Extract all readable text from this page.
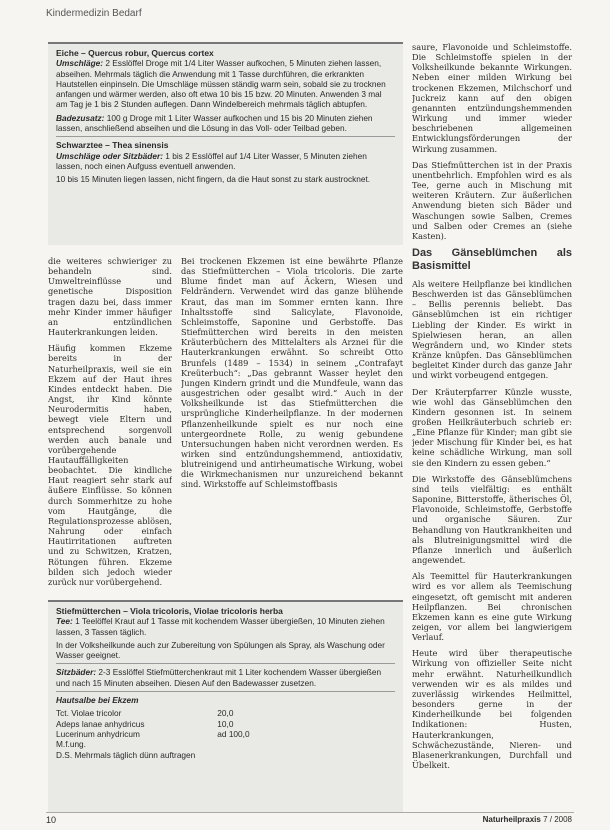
Kindermedizin Bedarf
Eiche – Quercus robur, Quercus cortex

Umschläge: 2 Esslöffel Droge mit 1/4 Liter Wasser aufkochen, 5 Minuten ziehen lassen, abseihen. Mehrmals täglich die Anwendung mit 1 Tasse durchführen, die erkrankten Hautstellen einpinseln. Die Umschläge müssen ständig warm sein, sobald sie zu trocknen anfangen und wärmer werden, also oft etwa 10 bis 15 bzw. 20 Minuten. Anwenden 3 mal am Tag je 1 bis 2 Stunden auflegen. Dann Windelbereich mehrmals täglich abtupfen.

Badezusatz: 100 g Droge mit 1 Liter Wasser aufkochen und 15 bis 20 Minuten ziehen lassen, anschließend abseihen und die Lösung in das Voll- oder Teilbad geben.

Schwarztee – Thea sinensis

Umschläge oder Sitzbäder: 1 bis 2 Esslöffel auf 1/4 Liter Wasser, 5 Minuten ziehen lassen, noch einen Aufguss eventuell anwenden.

10 bis 15 Minuten liegen lassen, nicht fingern, da die Haut sonst zu stark austrocknet.

die weiteres schwieriger zu behandeln sind. Umweltreinflüsse und genetische Disposition tragen dazu bei, dass immer mehr Kinder immer häufiger an entzündlichen Hauterkrankungen leiden.

Häufig kommen Ekzeme bereits in der Naturheilpraxis, weil sie ein Ekzem auf der Haut ihres Kindes entdeckt haben. Die Angst, ihr Kind könnte Neurodermitis haben, bewegt viele Eltern und entsprechend sorgenvoll werden auch banale und vorübergehende Hautauffälligkeiten beobachtet. Die kindliche Haut reagiert sehr stark auf äußere Einflüsse. So können durch Sommerhitze zu hohe vom Hautgänge, die Regulationsprozesse ablösen, Nahrung oder einfach Hautirritationen auftreten und zu Schwitzen, Kratzen, Rötungen führen. Ekzeme bilden sich jedoch wieder zurück nur vorübergehend.

Bei trockenen Ekzemen ist eine bewährte Pflanze das Stiefmütterchen – Viola tricoloris. Die zarte Blume findet man auf Äckern, Wiesen und Feldrändern. Verwendet wird das ganze blühende Kraut, das man im Sommer ernten kann. Ihre Inhaltsstoffe sind Salicylate, Flavonoide, Schleimstoffe, Saponine und Gerbstoffe. Das Stiefmütterchen wird bereits in den meisten Kräuterbüchern des Mittelalters als Arznei für die Hauterkrankungen erwähnt. So schreibt Otto Brunfels (1489 – 1534) in seinem „Contrafayt Kreüterbuch“: „Das gebrannt Wasser heylet den Jungen Kindern grindt und die Mundfeule, wann das ausgestrichen oder gesalbt wird.“ Auch in der Volksheilkunde ist das Stiefmütterchen die ursprüngliche Kinderheilpflanze. In der modernen Pflanzenheilkunde spielt es nur noch eine untergeordnete Rolle, zu wenig gebundene Untersuchungen haben nicht verordnen werden. Es wirken sind entzündungshemmend, antioxidativ, blutreinigend und antirheumatische Wirkung, wobei die Wirkmechanismen nur unzureichend bekannt sind. Wirkstoffe auf Schleimstoffbasis

saure, Flavonoide und Schleimstoffe. Die Schleimstoffe spielen in der Volksheilkunde bekannte Wirkungen. Neben einer milden Wirkung bei trockenen Ekzemen, Milchschorf und Juckreiz kann auf den obigen genannten entzündungshemmenden Wirkung und immer wieder beschriebenen allgemeinen Entwicklungsförderungen der Wirkung zusammen.

Das Stiefmütterchen ist in der Praxis unentbehrlich. Empfohlen wird es als Tee, gerne auch in Mischung mit weiteren Kräutern. Zur äußerlichen Anwendung bieten sich Bäder und Waschungen sowie Salben, Cremes und Salben oder Cremes an (siehe Kasten).

Das Gänseblümchen als Basismittel

Als weitere Heilpflanze bei kindlichen Beschwerden ist das Gänseblümchen – Bellis perennis beliebt. Das Gänseblümchen ist ein richtiger Liebling der Kinder. Es wirkt in Spielwiesen heran, an allen Wegrändern und, wo Kinder stets Kränze knüpfen. Das Gänseblümchen begleitet Kinder durch das ganze Jahr und wirkt vorbeugend entgegen.

Der Kräuterpfarrer Künzle wusste, wie wohl das Gänseblümchen den Kindern gesonnen ist. In seinem großen Heilkräuterbuch schrieb er: „Eine Pflanze für Kinder; man gibt sie jeder Mischung für Kinder bei, es hat keine schädliche Wirkung, man soll sie den Kindern zu essen geben.“

Die Wirkstoffe des Gänseblümchens sind teils vielfältig: es enthält Saponine, Bitterstoffe, ätherisches Öl, Flavonoide, Schleimstoffe, Gerbstoffe und organische Säuren. Zur Behandlung von Hautkrankheiten und als Blutreinigungsmittel wird die Pflanze innerlich und äußerlich angewendet.

Als Teemittel für Hauterkrankungen wird es vor allem als Teemischung eingesetzt, oft gemischt mit anderen Heilpflanzen. Bei chronischen Ekzemen kann es eine gute Wirkung zeigen, vor allem bei langwierigem Verlauf.

Heute wird über therapeutische Wirkung von offizieller Seite nicht mehr erwähnt. Naturheilkundlich verwenden wir es als mildes und zuverlässig wirkendes Heilmittel, besonders gerne in der Kinderheilkunde bei folgenden Indikationen: Husten, Hauterkrankungen, Schwächezustände, Nieren- und Blasenerkrankungen, Durchfall und Übelkeit.

Stiefmütterchen – Viola tricoloris, Violae tricoloris herba

Tee: 1 Teelöffel Kraut auf 1 Tasse mit kochendem Wasser übergießen, 10 Minuten ziehen lassen, 3 Tassen täglich.

In der Volksheilkunde auch zur Zubereitung von Spülungen als Spray, als Waschung oder Wasser geeignet.

Sitzbäder: 2-3 Esslöffel Stiefmütterchenkraut mit 1 Liter kochendem Wasser übergießen und nach 15 Minuten abseihen. Diesen Auf den Badewasser zusetzen.

Hautsalbe bei Ekzem

Tct. Violae tricolor	20,0
Adeps lanae anhydricus	10,0
Lucerinum anhydricum	ad 100,0
M.f.ung.	
D.S. Mehrmals täglich dünn auftragen	
10	Naturheilpraxis 7 / 2008
